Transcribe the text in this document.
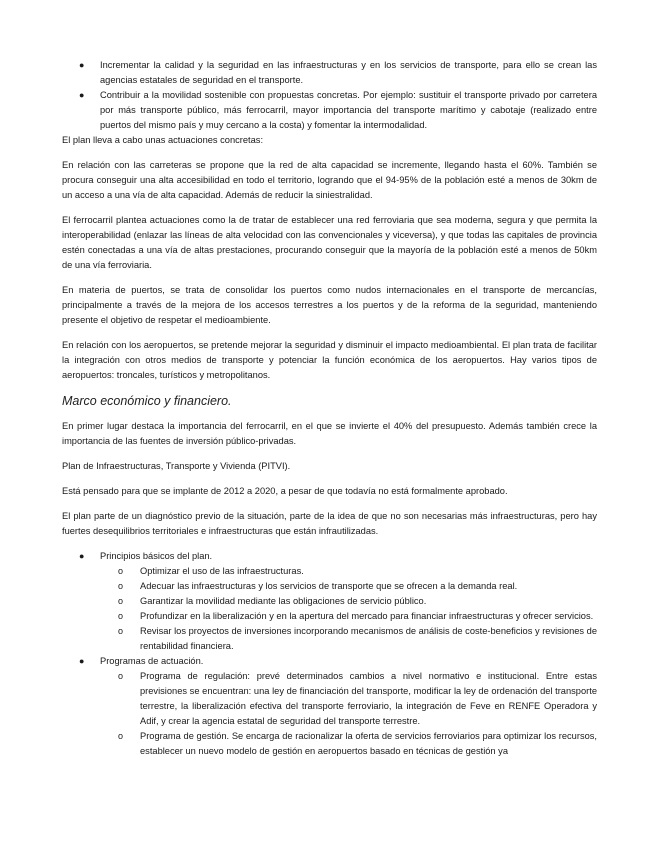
● Incrementar la calidad y la seguridad en las infraestructuras y en los servicios de transporte, para ello se crean las agencias estatales de seguridad en el transporte.
● Contribuir a la movilidad sostenible con propuestas concretas. Por ejemplo: sustituir el transporte privado por carretera por más transporte público, más ferrocarril, mayor importancia del transporte marítimo y cabotaje (realizado entre puertos del mismo país y muy cercano a la costa) y fomentar la intermodalidad.

El plan lleva a cabo unas actuaciones concretas:

En relación con las carreteras se propone que la red de alta capacidad se incremente, llegando hasta el 60%. También se procura conseguir una alta accesibilidad en todo el territorio, logrando que el 94-95% de la población esté a menos de 30km de un acceso a una vía de alta capacidad. Además de reducir la siniestralidad.

El ferrocarril plantea actuaciones como la de tratar de establecer una red ferroviaria que sea moderna, segura y que permita la interoperabilidad (enlazar las líneas de alta velocidad con las convencionales y viceversa), y que todas las capitales de provincia estén conectadas a una vía de altas prestaciones, procurando conseguir que la mayoría de la población esté a menos de 50km de una vía ferroviaria.

En materia de puertos, se trata de consolidar los puertos como nudos internacionales en el transporte de mercancías, principalmente a través de la mejora de los accesos terrestres a los puertos y de la reforma de la seguridad, manteniendo presente el objetivo de respetar el medioambiente.

En relación con los aeropuertos, se pretende mejorar la seguridad y disminuir el impacto medioambiental. El plan trata de facilitar la integración con otros medios de transporte y potenciar la función económica de los aeropuertos. Hay varios tipos de aeropuertos: troncales, turísticos y metropolitanos.

Marco económico y financiero.

En primer lugar destaca la importancia del ferrocarril, en el que se invierte el 40% del presupuesto. Además también crece la importancia de las fuentes de inversión público-privadas.

Plan de Infraestructuras, Transporte y Vivienda (PITVI).

Está pensado para que se implante de 2012 a 2020, a pesar de que todavía no está formalmente aprobado.

El plan parte de un diagnóstico previo de la situación, parte de la idea de que no son necesarias más infraestructuras, pero hay fuertes desequilibrios territoriales e infraestructuras que están infrautilizadas.

● Principios básicos del plan.
o Optimizar el uso de las infraestructuras.
o Adecuar las infraestructuras y los servicios de transporte que se ofrecen a la demanda real.
o Garantizar la movilidad mediante las obligaciones de servicio público.
o Profundizar en la liberalización y en la apertura del mercado para financiar infraestructuras y ofrecer servicios.
o Revisar los proyectos de inversiones incorporando mecanismos de análisis de coste-beneficios y revisiones de rentabilidad financiera.
● Programas de actuación.
o Programa de regulación: prevé determinados cambios a nivel normativo e institucional. Entre estas previsiones se encuentran: una ley de financiación del transporte, modificar la ley de ordenación del transporte terrestre, la liberalización efectiva del transporte ferroviario, la integración de Feve en RENFE Operadora y Adif, y crear la agencia estatal de seguridad del transporte terrestre.
o Programa de gestión. Se encarga de racionalizar la oferta de servicios ferroviarios para optimizar los recursos, establecer un nuevo modelo de gestión en aeropuertos basado en técnicas de gestión ya
